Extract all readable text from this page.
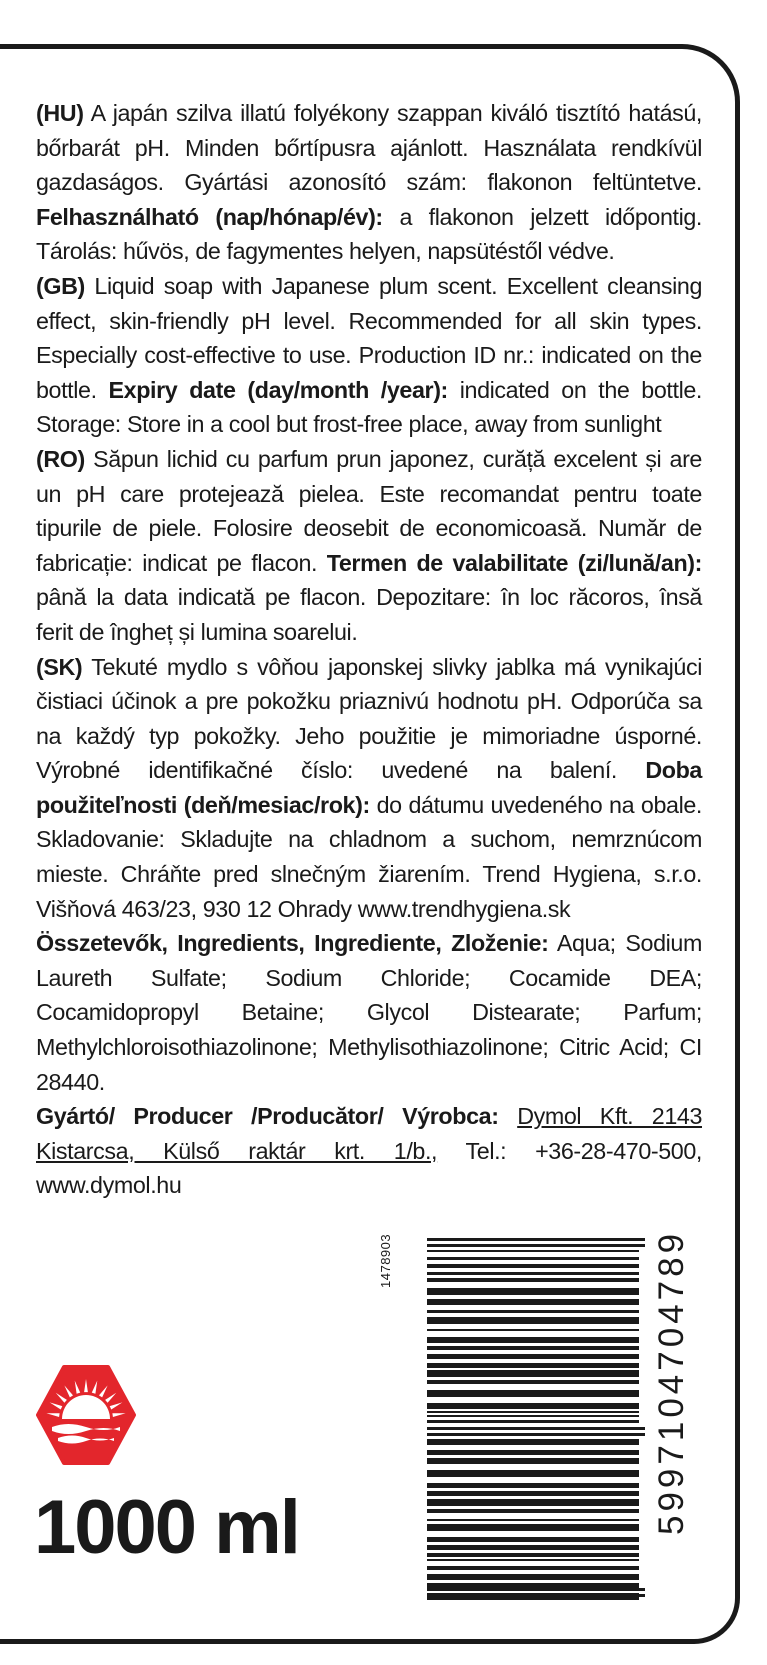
(HU) A japán szilva illatú folyékony szappan kiváló tisztító hatású, bőrbarát pH. Minden bőrtípusra ajánlott. Használata rendkívül gazdaságos. Gyártási azonosító szám: flakonon feltüntetve. Felhasználható (nap/hónap/év): a flakonon jelzett időpontig. Tárolás: hűvös, de fagymentes helyen, napsütéstől védve.

(GB) Liquid soap with Japanese plum scent. Excellent cleansing effect, skin-friendly pH level. Recommended for all skin types. Especially cost-effective to use. Production ID nr.: indicated on the bottle. Expiry date (day/month /year): indicated on the bottle. Storage: Store in a cool but frost-free place, away from sunlight

(RO) Săpun lichid cu parfum prun japonez, curăță excelent și are un pH care protejează pielea. Este recomandat pentru toate tipurile de piele. Folosire deosebit de economicoasă. Număr de fabricație: indicat pe flacon. Termen de valabilitate (zi/lună/an): până la data indicată pe flacon. Depozitare: în loc răcoros, însă ferit de îngheț și lumina soarelui.

(SK) Tekuté mydlo s vôňou japonskej slivky jablka má vynikajúci čistiaci účinok a pre pokožku priaznivú hodnotu pH. Odporúča sa na každý typ pokožky. Jeho použitie je mimoriadne úsporné. Výrobné identifikačné číslo: uvedené na balení. Doba použiteľnosti (deň/mesiac/rok): do dátumu uvedeného na obale. Skladovanie: Skladujte na chladnom a suchom, nemrznúcom mieste. Chráňte pred slnečným žiarením. Trend Hygiena, s.r.o. Višňová 463/23, 930 12 Ohrady www.trendhygiena.sk

Összetevők, Ingredients, Ingrediente, Zloženie: Aqua; Sodium Laureth Sulfate; Sodium Chloride; Cocamide DEA; Cocamidopropyl Betaine; Glycol Distearate; Parfum; Methylchloroisothiazolinone; Methylisothiazolinone; Citric Acid; CI 28440.

Gyártó/ Producer /Producător/ Výrobca: Dymol Kft. 2143 Kistarcsa, Külső raktár krt. 1/b., Tel.: +36-28-470-500, www.dymol.hu

1478903	5997104704789
1000 ml
